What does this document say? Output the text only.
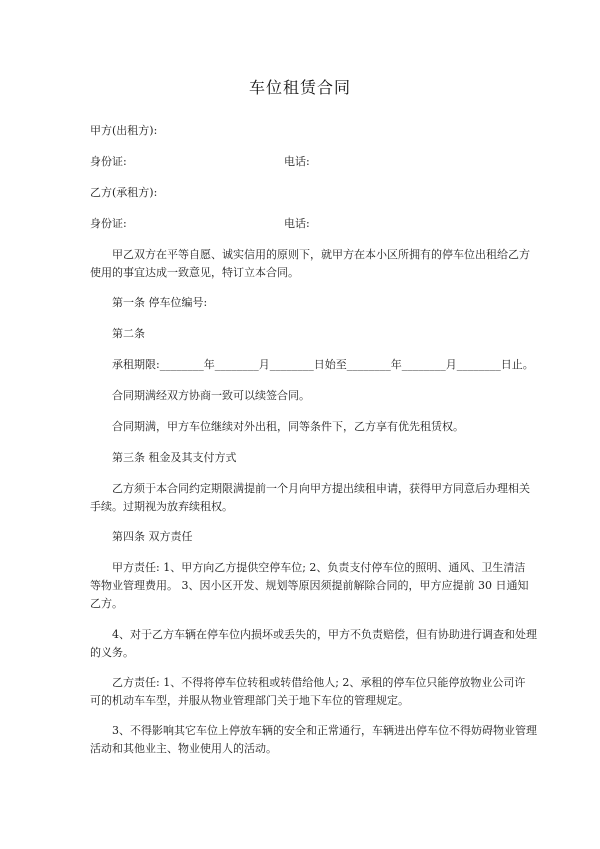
车位租赁合同
甲方(出租方):
身份证:	电话:
乙方(承租方):
身份证:	电话:
甲乙双方在平等自愿、诚实信用的原则下，就甲方在本小区所拥有的停车位出租给乙方
使用的事宜达成一致意见，特订立本合同。
第一条 停车位编号:
第二条
承租期限:________年________月________日始至________年________月________日止。
合同期满经双方协商一致可以续签合同。
合同期满，甲方车位继续对外出租，同等条件下，乙方享有优先租赁权。
第三条 租金及其支付方式
乙方须于本合同约定期限满提前一个月向甲方提出续租申请，获得甲方同意后办理相关
手续。过期视为放弃续租权。
第四条 双方责任
甲方责任: 1、甲方向乙方提供空停车位; 2、负责支付停车位的照明、通风、卫生清洁
等物业管理费用。 3、因小区开发、规划等原因须提前解除合同的，甲方应提前 30 日通知
乙方。
4、对于乙方车辆在停车位内损坏或丢失的，甲方不负责赔偿，但有协助进行调查和处理
的义务。
乙方责任: 1、不得将停车位转租或转借给他人; 2、承租的停车位只能停放物业公司许
可的机动车车型，并服从物业管理部门关于地下车位的管理规定。
3、不得影响其它车位上停放车辆的安全和正常通行，车辆进出停车位不得妨碍物业管理
活动和其他业主、物业使用人的活动。
